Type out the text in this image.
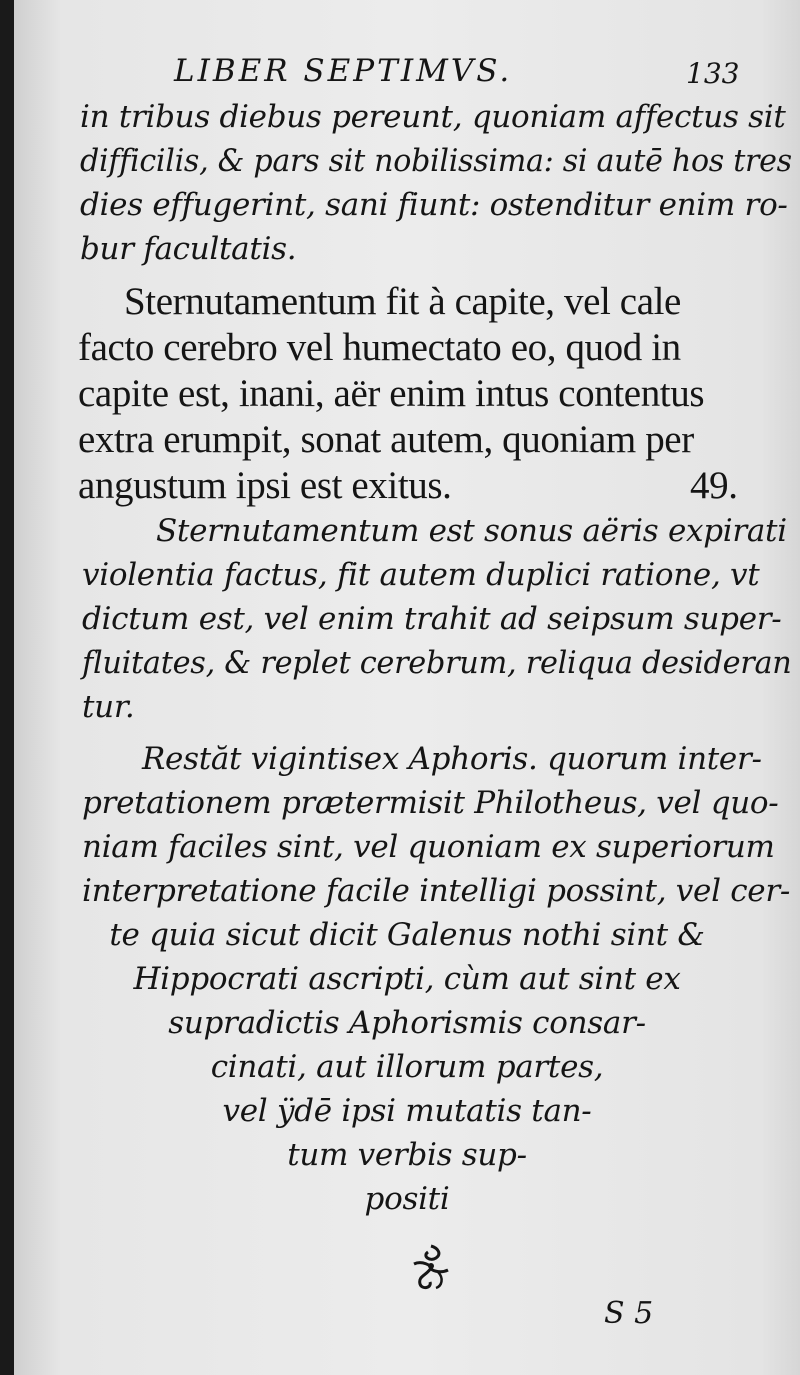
LIBER SEPTIMVS.	133
in tribus diebus pereunt, quoniam affectus sit
difficilis, & pars sit nobilissima: si autē hos tres
dies effugerint, sani fiunt: ostenditur enim ro-
bur facultatis.
Sternutamentum fit à capite, vel cale
facto cerebro vel humectato eo, quod in
capite est, inani, aër enim intus contentus
extra erumpit, sonat autem, quoniam per
angustum ipsi est exitus.	49.
Sternutamentum est sonus aëris expirati
violentia factus, fit autem duplici ratione, vt
dictum est, vel enim trahit ad seipsum super-
fluitates, & replet cerebrum, reliqua desideran
tur.
Restăt vigintisex Aphoris. quorum inter-
pretationem prætermisit Philotheus, vel quo-
niam faciles sint, vel quoniam ex superiorum
interpretatione facile intelligi possint, vel cer-
te quia sicut dicit Galenus nothi sint &
Hippocrati ascripti, cùm aut sint ex
supradictis Aphorismis consar-
cinati, aut illorum partes,
vel ÿdē ipsi mutatis tan-
tum verbis sup-
positi
S 5
